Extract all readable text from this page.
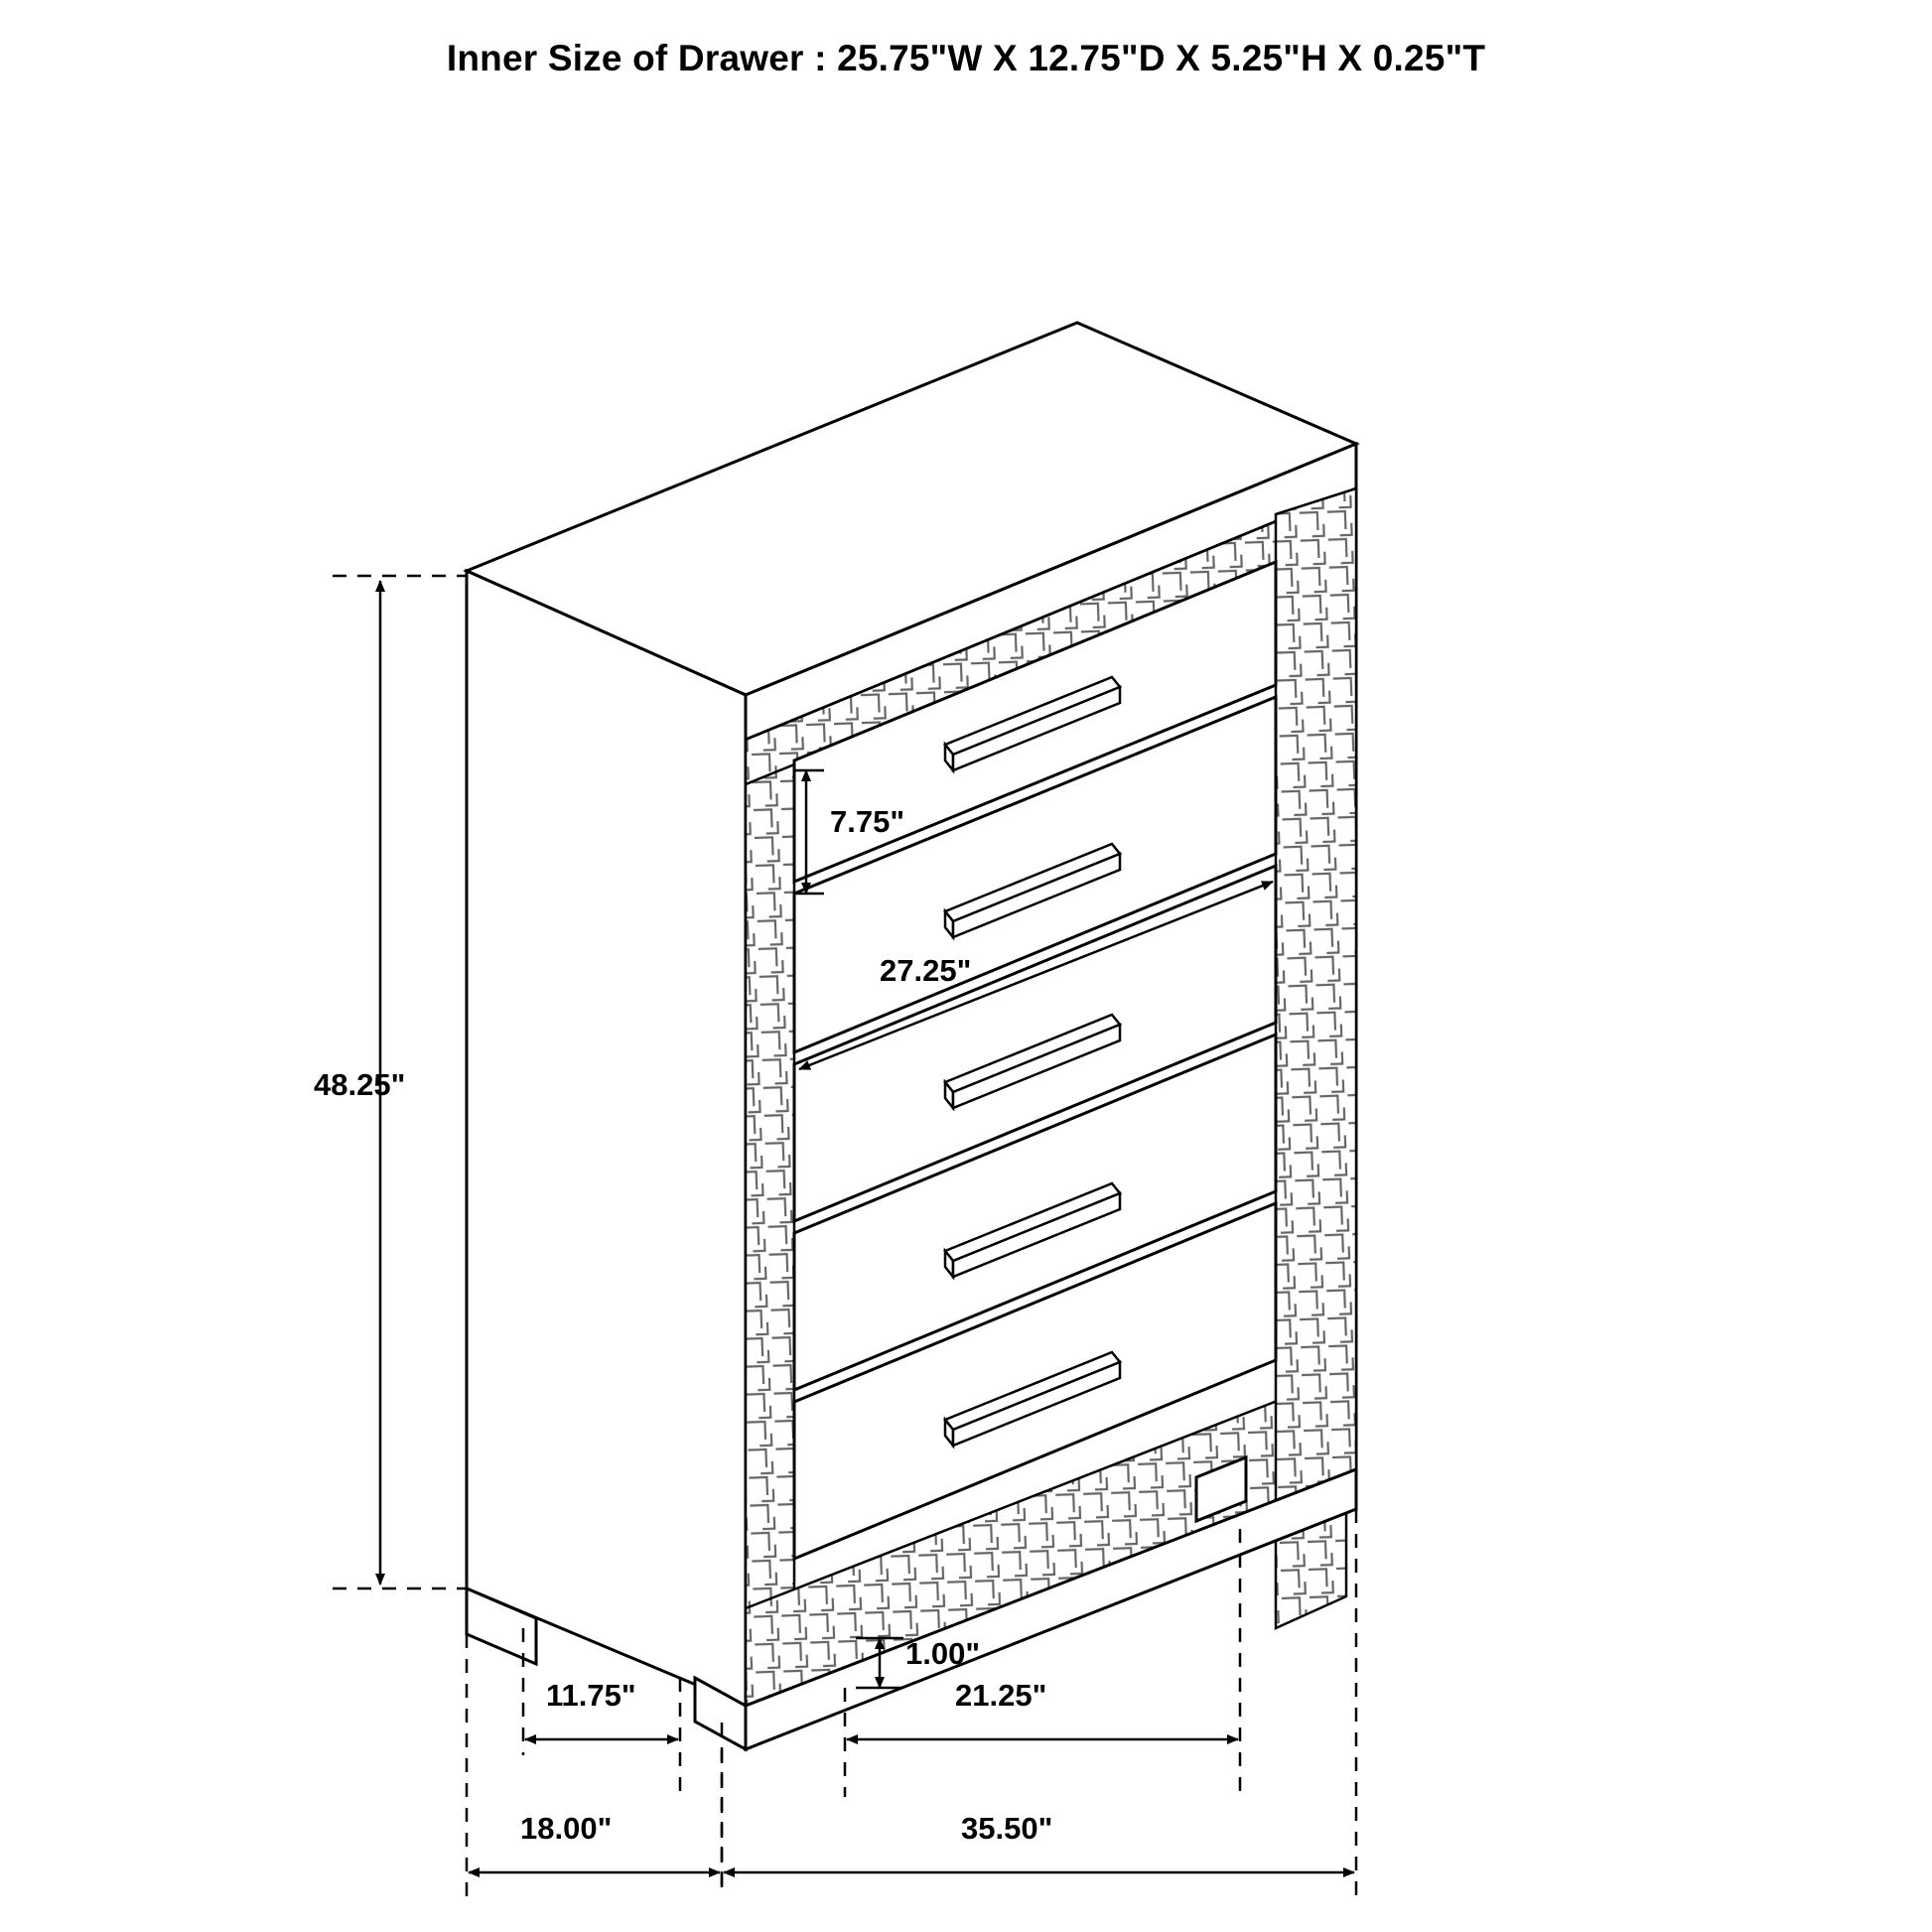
Inner Size of Drawer : 25.75"W X 12.75"D X 5.25"H X 0.25"T
48.25"
7.75"
27.25"
1.00"
11.75"
18.00"
21.25"
35.50"
